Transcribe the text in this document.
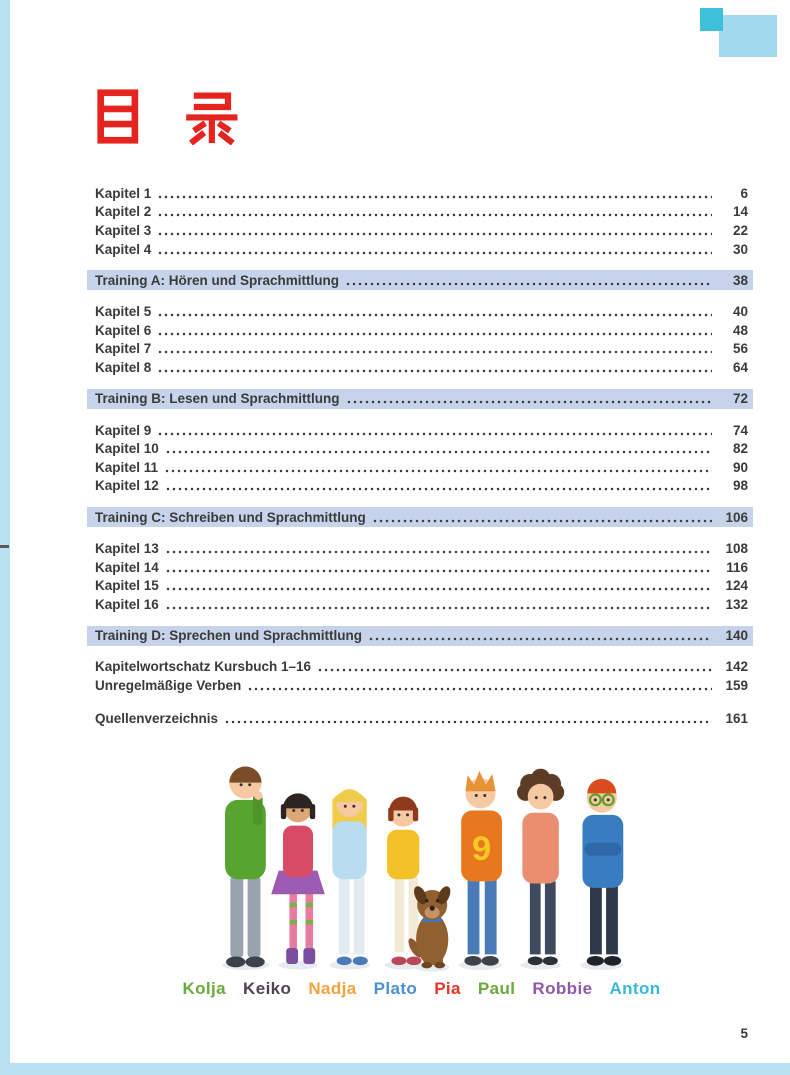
Kapitel 1	6
Kapitel 2	14
Kapitel 3	22
Kapitel 4	30
Training A: Hören und Sprachmittlung	38
Kapitel 5	40
Kapitel 6	48
Kapitel 7	56
Kapitel 8	64
Training B: Lesen und Sprachmittlung	72
Kapitel 9	74
Kapitel 10	82
Kapitel 11	90
Kapitel 12	98
Training C: Schreiben und Sprachmittlung	106
Kapitel 13	108
Kapitel 14	116
Kapitel 15	124
Kapitel 16	132
Training D: Sprechen und Sprachmittlung	140
Kapitelwortschatz Kursbuch 1–16	142
Unregelmäßige Verben	159
Quellenverzeichnis	161
9
Kolja Keiko Nadja Plato Pia Paul Robbie Anton
5
